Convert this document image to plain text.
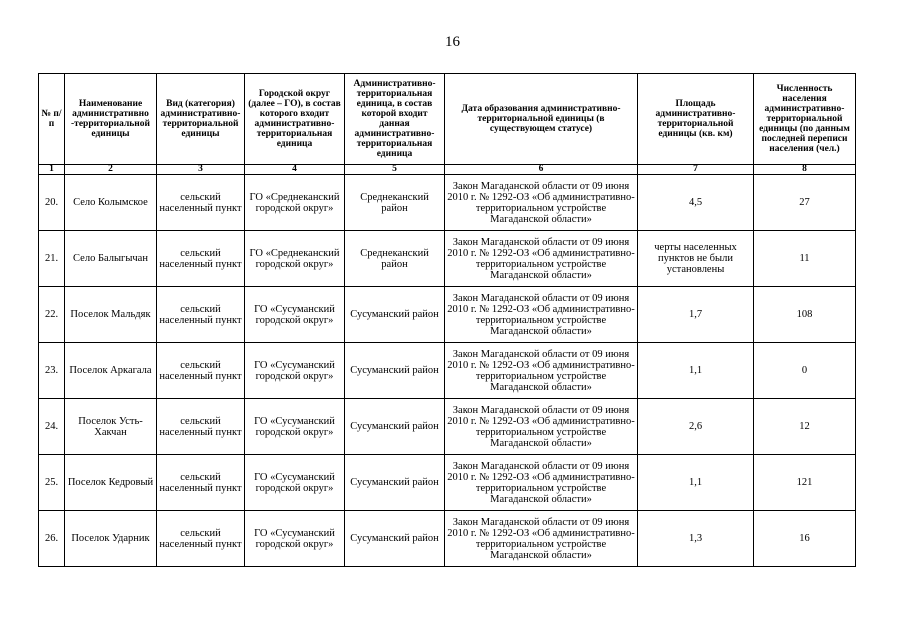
16
№ п/п	Наименование административно -территориальной единицы	Вид (категория) административно-территориальной единицы	Городской округ (далее – ГО), в состав которого входит административно-территориальная единица	Административно-территориальная единица, в состав которой входит данная административно-территориальная единица	Дата образования административно-территориальной единицы (в существующем статусе)	Площадь административно-территориальной единицы (кв. км)	Численность населения административно-территориальной единицы (по данным последней переписи населения (чел.)
1	2	3	4	5	6	7	8
20.	Село Колымское	сельский населенный пункт	ГО «Среднеканский городской округ»	Среднеканский район	Закон Магаданской области от 09 июня 2010 г. № 1292-ОЗ «Об административно-территориальном устройстве Магаданской области»	4,5	27
21.	Село Балыгычан	сельский населенный пункт	ГО «Среднеканский городской округ»	Среднеканский район	Закон Магаданской области от 09 июня 2010 г. № 1292-ОЗ «Об административно-территориальном устройстве Магаданской области»	черты населенных пунктов не были установлены	11
22.	Поселок Мальдяк	сельский населенный пункт	ГО «Сусуманский городской округ»	Сусуманский район	Закон Магаданской области от 09 июня 2010 г. № 1292-ОЗ «Об административно-территориальном устройстве Магаданской области»	1,7	108
23.	Поселок Аркагала	сельский населенный пункт	ГО «Сусуманский городской округ»	Сусуманский район	Закон Магаданской области от 09 июня 2010 г. № 1292-ОЗ «Об административно-территориальном устройстве Магаданской области»	1,1	0
24.	Поселок Усть-Хакчан	сельский населенный пункт	ГО «Сусуманский городской округ»	Сусуманский район	Закон Магаданской области от 09 июня 2010 г. № 1292-ОЗ «Об административно-территориальном устройстве Магаданской области»	2,6	12
25.	Поселок Кедровый	сельский населенный пункт	ГО «Сусуманский городской округ»	Сусуманский район	Закон Магаданской области от 09 июня 2010 г. № 1292-ОЗ «Об административно-территориальном устройстве Магаданской области»	1,1	121
26.	Поселок Ударник	сельский населенный пункт	ГО «Сусуманский городской округ»	Сусуманский район	Закон Магаданской области от 09 июня 2010 г. № 1292-ОЗ «Об административно-территориальном устройстве Магаданской области»	1,3	16
